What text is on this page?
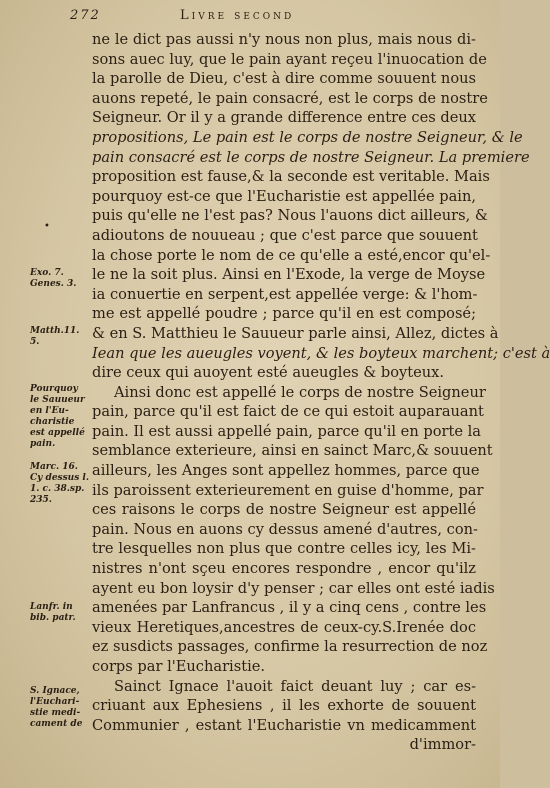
272	Livre second
•
Exo. 7.
Genes. 3.
Matth.11.
5.
Pourquoy
le Sauueur
en l'Eu-
charistie
est appellé
pain.
Marc. 16.
Cy dessus l.
1. c. 38.sp.
235.
Lanfr. in
bib. patr.
S. Ignace,
l'Euchari-
stie medi-
cament de
ne le dict pas aussi n'y nous non plus, mais nous di-
sons auec luy, que le pain ayant reçeu l'inuocation de
la parolle de Dieu, c'est à dire comme souuent nous
auons repeté, le pain consacré, est le corps de nostre
Seigneur. Or il y a grande difference entre ces deux
propositions, Le pain est le corps de nostre Seigneur, & le
pain consacré est le corps de nostre Seigneur. La premiere
proposition est fause,& la seconde est veritable. Mais
pourquoy est-ce que l'Eucharistie est appellée pain,
puis qu'elle ne l'est pas? Nous l'auons dict ailleurs, &
adioutons de nouueau ; que c'est parce que souuent
la chose porte le nom de ce qu'elle a esté,encor qu'el-
le ne la soit plus. Ainsi en l'Exode, la verge de Moyse
ia conuertie en serpent,est appellée verge: & l'hom-
me est appellé poudre ; parce qu'il en est composé;
& en S. Matthieu le Sauueur parle ainsi, Allez, dictes à
Iean que les aueugles voyent, & les boyteux marchent; c'est à
dire ceux qui auoyent esté aueugles & boyteux.
Ainsi donc est appellé le corps de nostre Seigneur
pain, parce qu'il est faict de ce qui estoit auparauant
pain. Il est aussi appellé pain, parce qu'il en porte la
semblance exterieure, ainsi en sainct Marc,& souuent
ailleurs, les Anges sont appellez hommes, parce que
ils paroissent exterieurement en guise d'homme, par
ces raisons le corps de nostre Seigneur est appellé
pain. Nous en auons cy dessus amené d'autres, con-
tre lesquelles non plus que contre celles icy, les Mi-
nistres n'ont sçeu encores respondre , encor qu'ilz
ayent eu bon loysir d'y penser ; car elles ont esté iadis
amenées par Lanfrancus , il y a cinq cens , contre les
vieux Heretiques,ancestres de ceux-cy.S.Irenée doc
ez susdicts passages, confirme la resurrection de noz
corps par l'Eucharistie.
Sainct Ignace l'auoit faict deuant luy ; car es-
criuant aux Ephesiens , il les exhorte de souuent
Communier , estant l'Eucharistie vn medicamment
d'immor-
